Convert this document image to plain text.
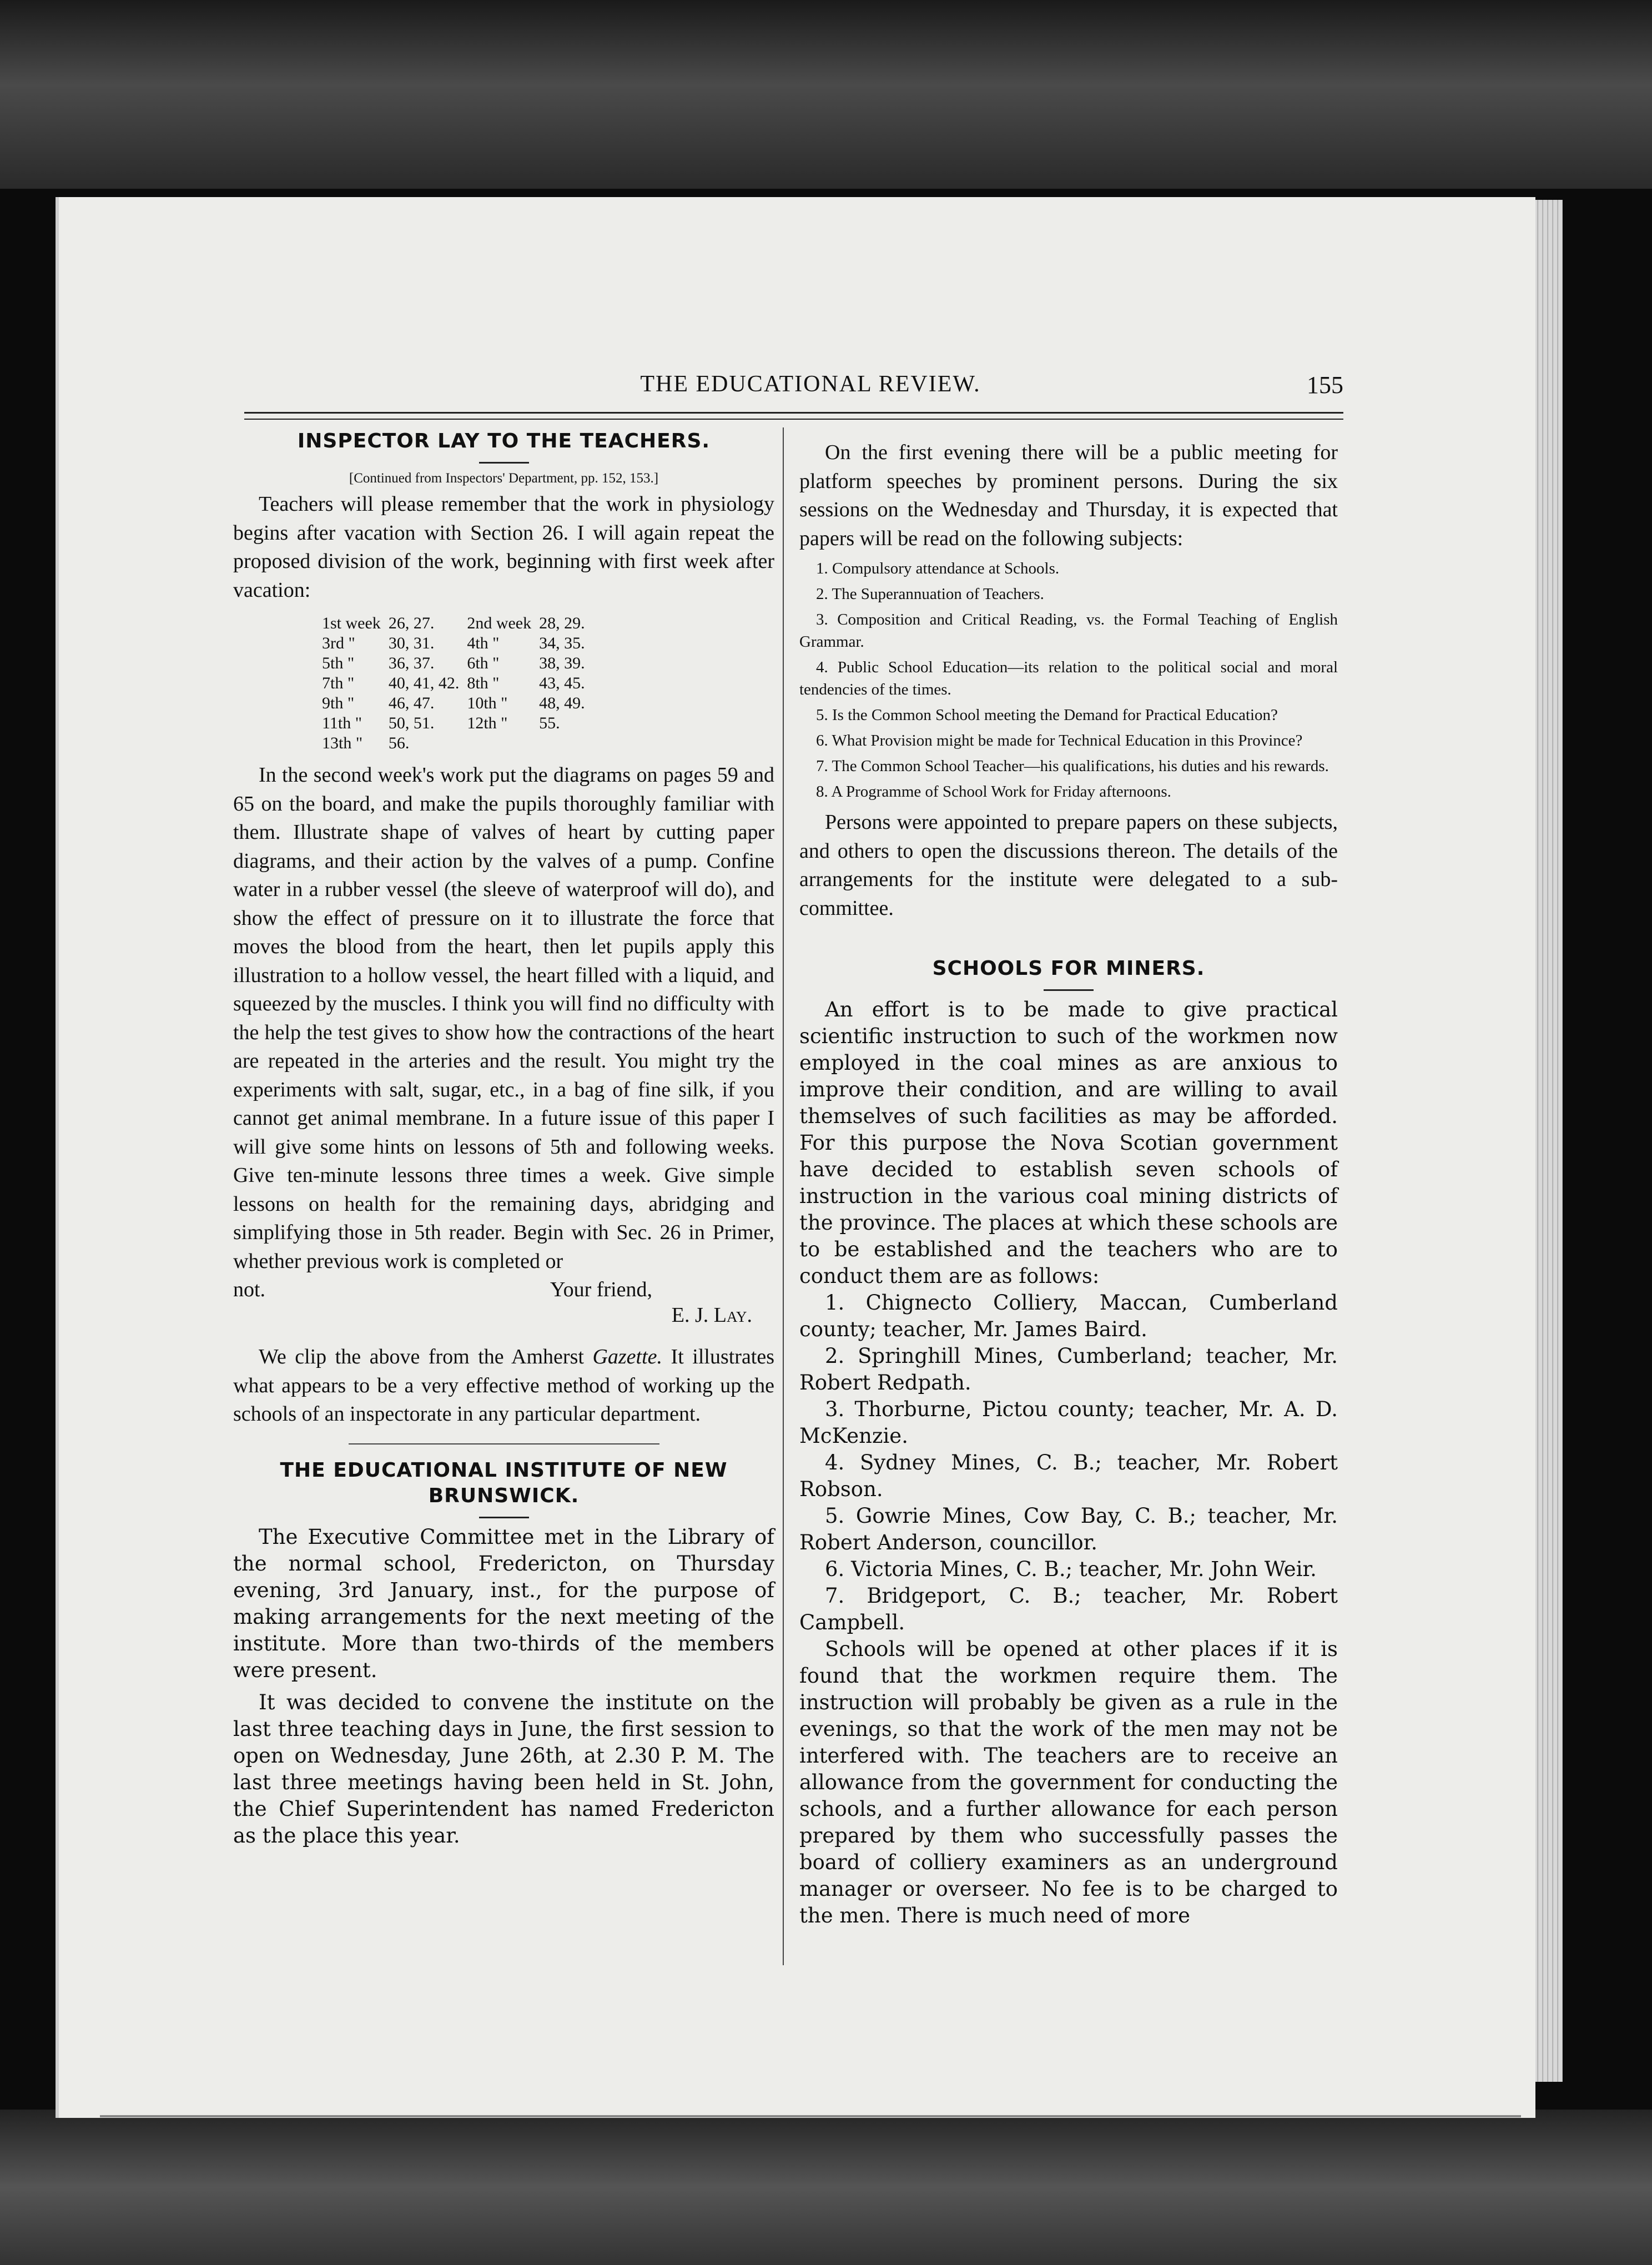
THE EDUCATIONAL REVIEW.	155
INSPECTOR LAY TO THE TEACHERS.

[Continued from Inspectors' Department, pp. 152, 153.]

Teachers will please remember that the work in physiology begins after vacation with Section 26. I will again repeat the proposed division of the work, beginning with first week after vacation:

1st week	26, 27.	2nd week	28, 29.
3rd "	30, 31.	4th "	34, 35.
5th "	36, 37.	6th "	38, 39.
7th "	40, 41, 42.	8th "	43, 45.
9th "	46, 47.	10th "	48, 49.
11th "	50, 51.	12th "	55.
13th "	56.		

In the second week's work put the diagrams on pages 59 and 65 on the board, and make the pupils thoroughly familiar with them. Illustrate shape of valves of heart by cutting paper diagrams, and their action by the valves of a pump. Confine water in a rubber vessel (the sleeve of waterproof will do), and show the effect of pressure on it to illustrate the force that moves the blood from the heart, then let pupils apply this illustration to a hollow vessel, the heart filled with a liquid, and squeezed by the muscles. I think you will find no difficulty with the help the test gives to show how the contractions of the heart are repeated in the arteries and the result. You might try the experiments with salt, sugar, etc., in a bag of fine silk, if you cannot get animal membrane. In a future issue of this paper I will give some hints on lessons of 5th and following weeks. Give ten-minute lessons three times a week. Give simple lessons on health for the remaining days, abridging and simplifying those in 5th reader. Begin with Sec. 26 in Primer, whether previous work is completed or

not.	Your friend,
E. J. Lay.

We clip the above from the Amherst Gazette. It illustrates what appears to be a very effective method of working up the schools of an inspectorate in any particular department.

THE EDUCATIONAL INSTITUTE OF NEW BRUNSWICK.

The Executive Committee met in the Library of the normal school, Fredericton, on Thursday evening, 3rd January, inst., for the purpose of making arrangements for the next meeting of the institute. More than two-thirds of the members were present.

It was decided to convene the institute on the last three teaching days in June, the first session to open on Wednesday, June 26th, at 2.30 P. M. The last three meetings having been held in St. John, the Chief Superintendent has named Fredericton as the place this year.

On the first evening there will be a public meeting for platform speeches by prominent persons. During the six sessions on the Wednesday and Thursday, it is expected that papers will be read on the following subjects:

1. Compulsory attendance at Schools.
2. The Superannuation of Teachers.
3. Composition and Critical Reading, vs. the Formal Teaching of English Grammar.
4. Public School Education—its relation to the political social and moral tendencies of the times.
5. Is the Common School meeting the Demand for Practical Education?
6. What Provision might be made for Technical Education in this Province?
7. The Common School Teacher—his qualifications, his duties and his rewards.
8. A Programme of School Work for Friday afternoons.

Persons were appointed to prepare papers on these subjects, and others to open the discussions thereon. The details of the arrangements for the institute were delegated to a sub-committee.

SCHOOLS FOR MINERS.

An effort is to be made to give practical scientific instruction to such of the workmen now employed in the coal mines as are anxious to improve their condition, and are willing to avail themselves of such facilities as may be afforded. For this purpose the Nova Scotian government have decided to establish seven schools of instruction in the various coal mining districts of the province. The places at which these schools are to be established and the teachers who are to conduct them are as follows:

1. Chignecto Colliery, Maccan, Cumberland county; teacher, Mr. James Baird.
2. Springhill Mines, Cumberland; teacher, Mr. Robert Redpath.
3. Thorburne, Pictou county; teacher, Mr. A. D. McKenzie.
4. Sydney Mines, C. B.; teacher, Mr. Robert Robson.
5. Gowrie Mines, Cow Bay, C. B.; teacher, Mr. Robert Anderson, councillor.
6. Victoria Mines, C. B.; teacher, Mr. John Weir.
7. Bridgeport, C. B.; teacher, Mr. Robert Campbell.

Schools will be opened at other places if it is found that the workmen require them. The instruction will probably be given as a rule in the evenings, so that the work of the men may not be interfered with. The teachers are to receive an allowance from the government for conducting the schools, and a further allowance for each person prepared by them who successfully passes the board of colliery examiners as an underground manager or overseer. No fee is to be charged to the men. There is much need of more
